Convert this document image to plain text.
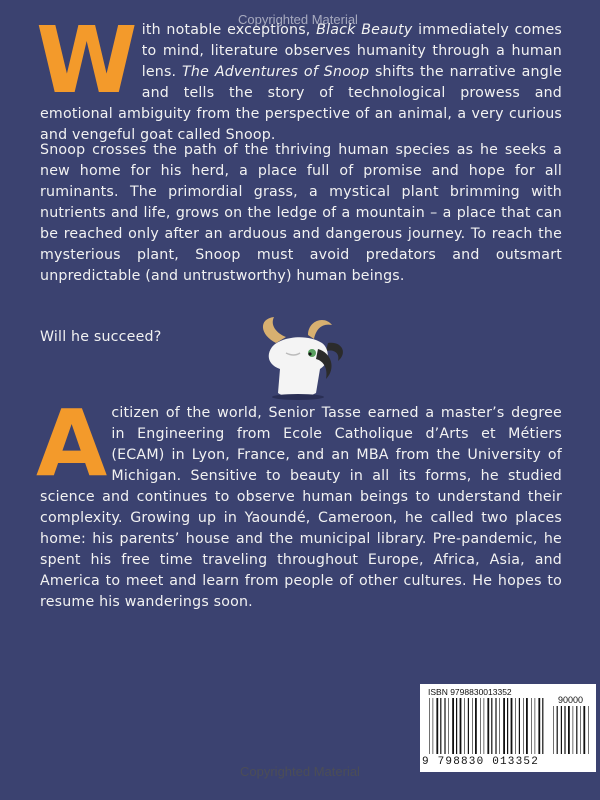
Copyrighted Material
With notable exceptions, Black Beauty immediately comes to mind, literature observes humanity through a human lens. The Adventures of Snoop shifts the narrative angle and tells the story of technological prowess and emotional ambiguity from the perspective of an animal, a very curious and vengeful goat called Snoop.
Snoop crosses the path of the thriving human species as he seeks a new home for his herd, a place full of promise and hope for all ruminants. The primordial grass, a mystical plant brimming with nutrients and life, grows on the ledge of a mountain – a place that can be reached only after an arduous and dangerous journey. To reach the mysterious plant, Snoop must avoid predators and outsmart unpredictable (and untrustworthy) human beings.
Will he succeed?
A citizen of the world, Senior Tasse earned a master’s degree in Engineering from Ecole Catholique d’Arts et Métiers (ECAM) in Lyon, France, and an MBA from the University of Michigan. Sensitive to beauty in all its forms, he studied science and continues to observe human beings to understand their complexity. Growing up in Yaoundé, Cameroon, he called two places home: his parents’ house and the municipal library. Pre-pandemic, he spent his free time traveling throughout Europe, Africa, Asia, and America to meet and learn from people of other cultures. He hopes to resume his wanderings soon.
ISBN 9798830013352
90000
9 798830 013352
Copyrighted Material
